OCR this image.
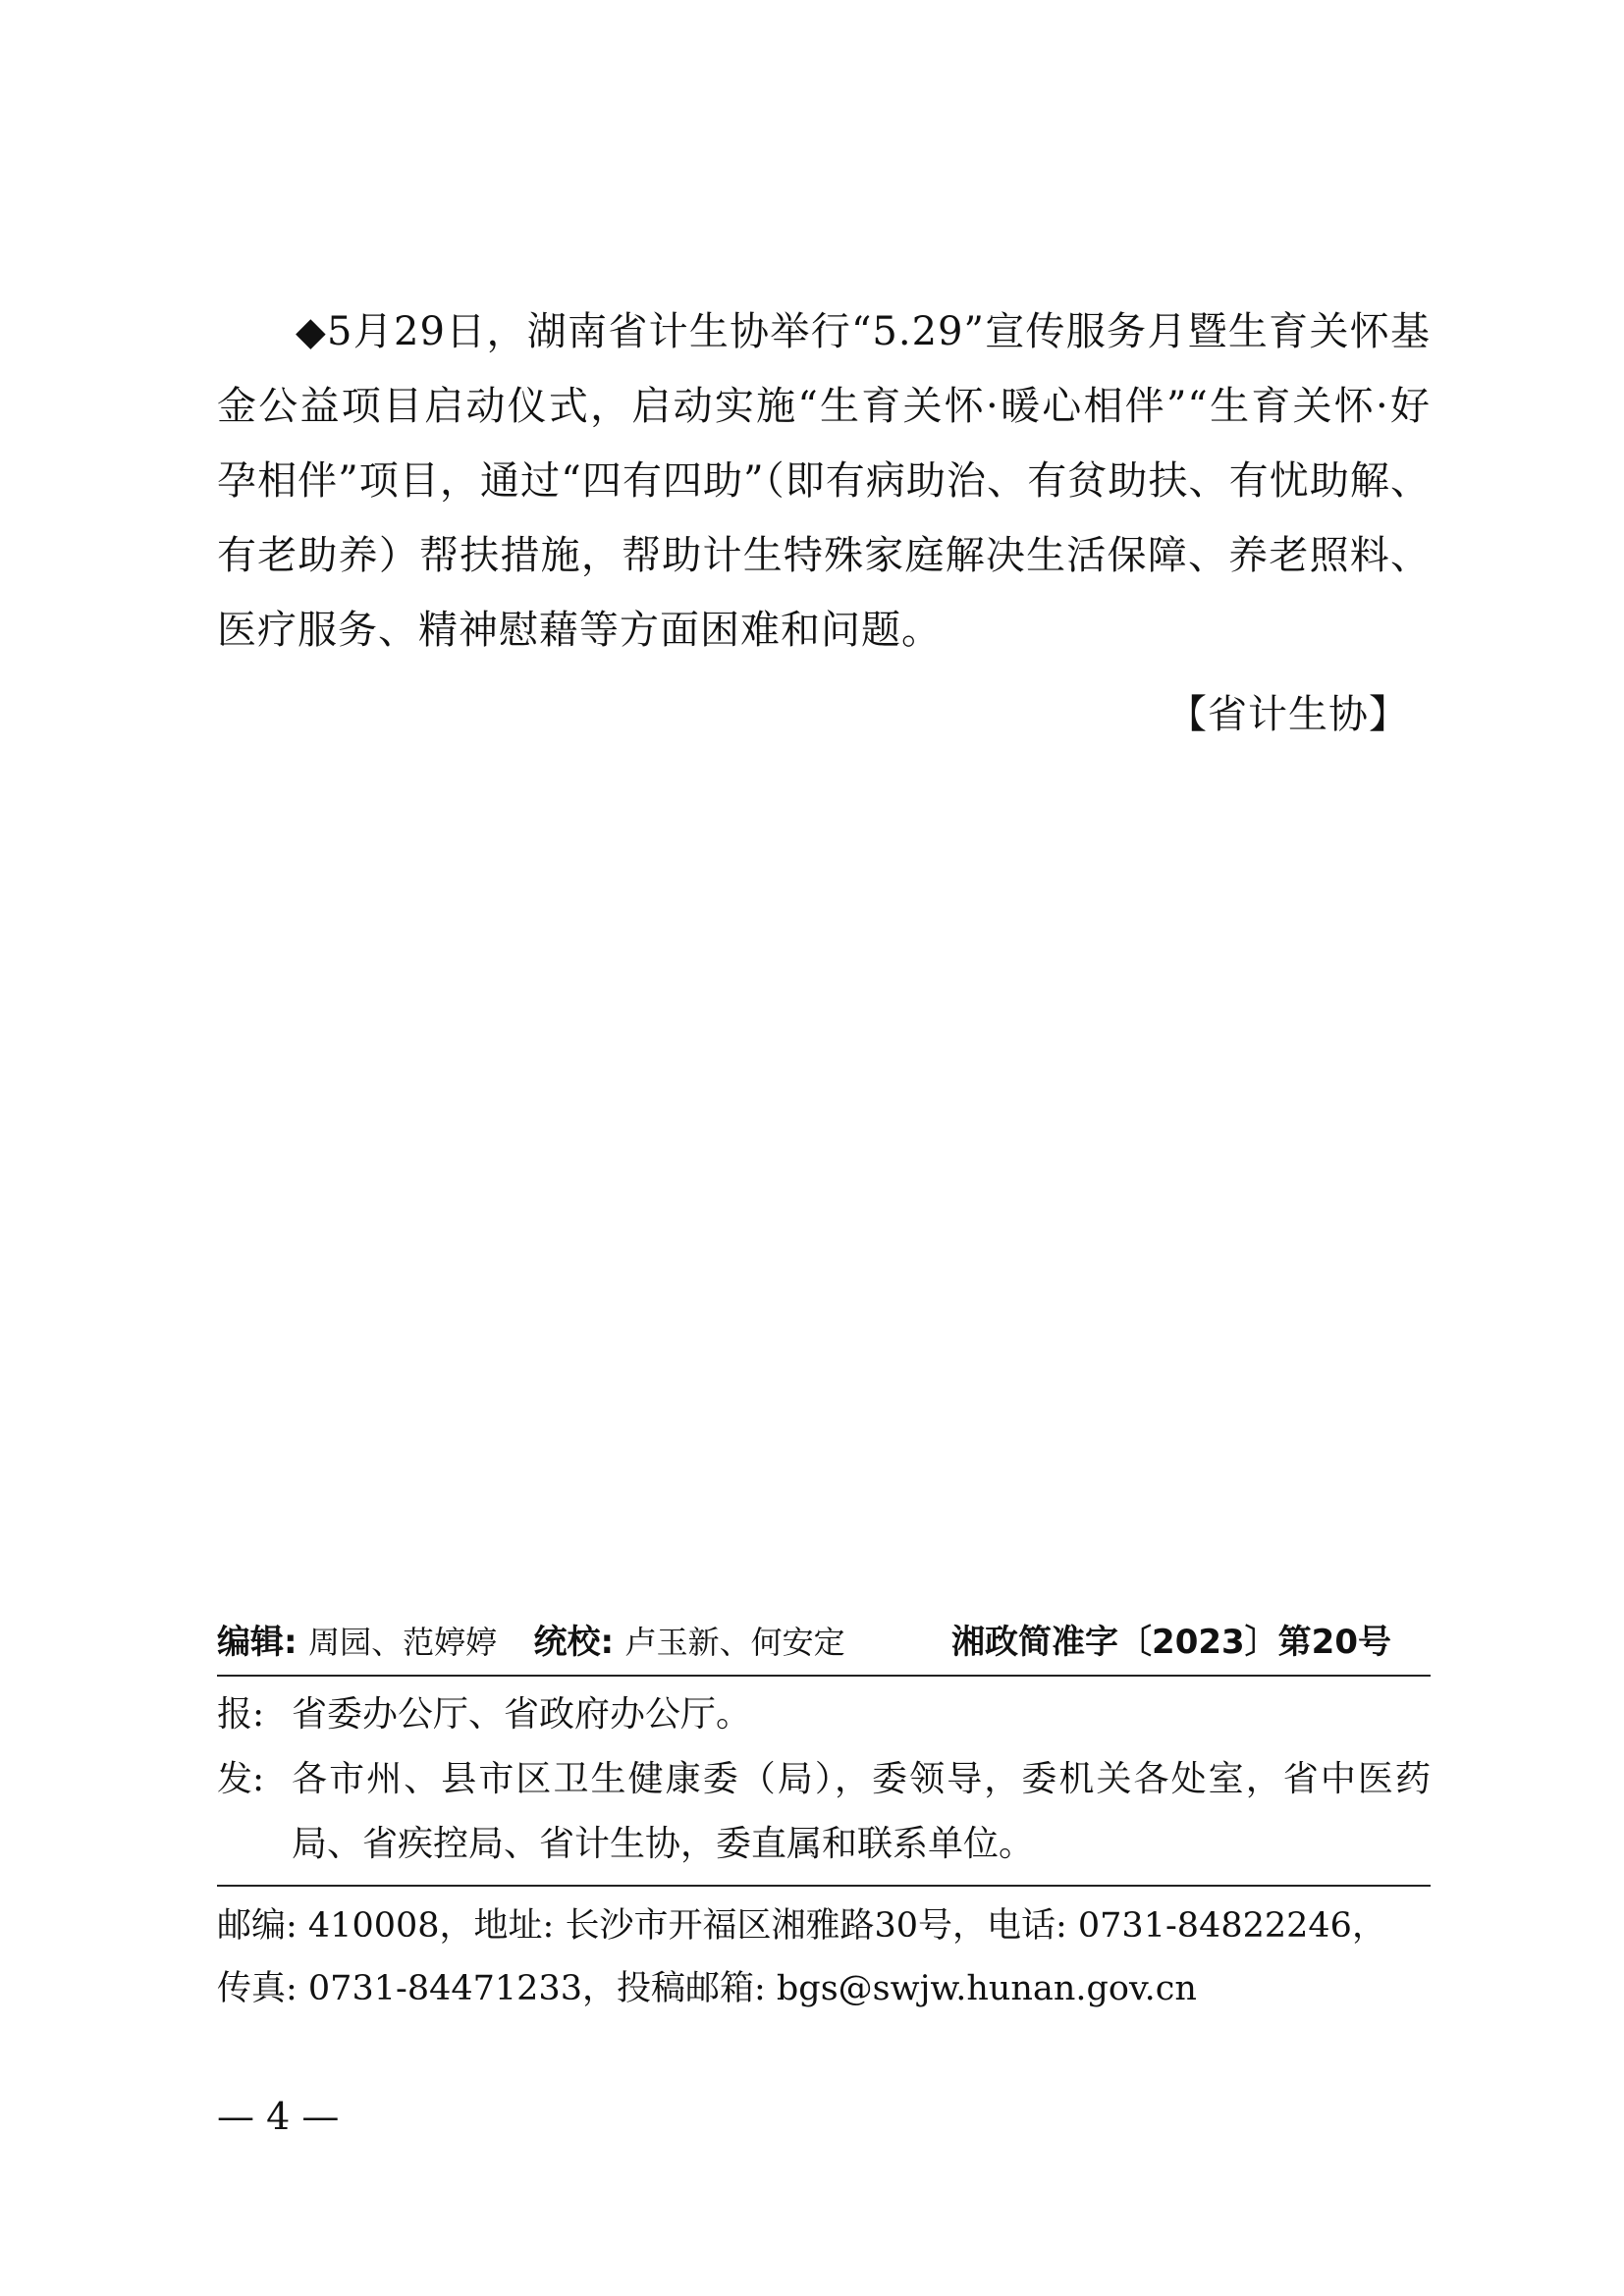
◆5月29日，湖南省计生协举行“5.29”宣传服务月暨生育关怀基金公益项目启动仪式，启动实施“生育关怀·暖心相伴”“生育关怀·好孕相伴”项目，通过“四有四助”（即有病助治、有贫助扶、有忧助解、有老助养）帮扶措施，帮助计生特殊家庭解决生活保障、养老照料、医疗服务、精神慰藉等方面困难和问题。

【省计生协】

编辑: 周园、范婷婷 统校: 卢玉新、何安定	湘政简准字〔2023〕第20号
报: 省委办公厅、省政府办公厅。
发: 各市州、县市区卫生健康委（局），委领导，委机关各处室，省中医药局、省疾控局、省计生协，委直属和联系单位。
邮编: 410008，地址: 长沙市开福区湘雅路30号，电话: 0731-84822246，
传真: 0731-84471233，投稿邮箱: bgs@swjw.hunan.gov.cn
— 4 —
